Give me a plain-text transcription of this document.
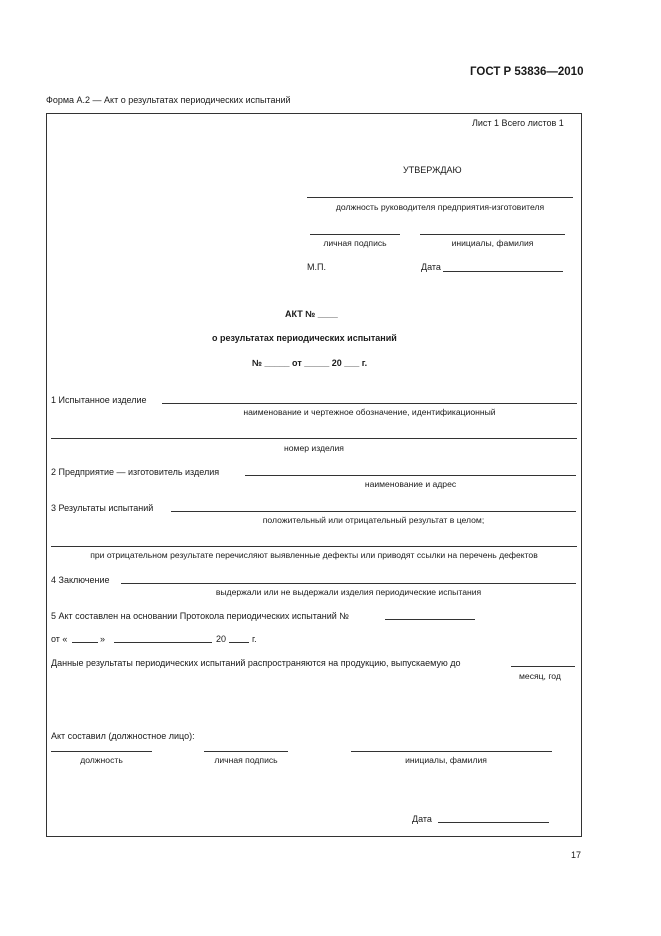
ГОСТ Р 53836—2010
Форма А.2 — Акт о результатах периодических испытаний
Лист 1 Всего листов 1
УТВЕРЖДАЮ
должность руководителя предприятия-изготовителя
личная подпись	инициалы, фамилия
М.П.	Дата
АКТ № ____
о результатах периодических испытаний
№ _____ от _____ 20 ___ г.
1 Испытанное изделие
наименование и чертежное обозначение, идентификационный
номер изделия
2 Предприятие — изготовитель изделия
наименование и адрес
3 Результаты испытаний
положительный или отрицательный результат в целом;
при отрицательном результате перечисляют выявленные дефекты или приводят ссылки на перечень дефектов
4 Заключение
выдержали или не выдержали изделия периодические испытания
5 Акт составлен на основании Протокола периодических испытаний №
от «	»	20	г.
Данные результаты периодических испытаний распространяются на продукцию, выпускаемую до
месяц, год
Акт составил (должностное лицо):
должность	личная подпись	инициалы, фамилия
Дата
17
